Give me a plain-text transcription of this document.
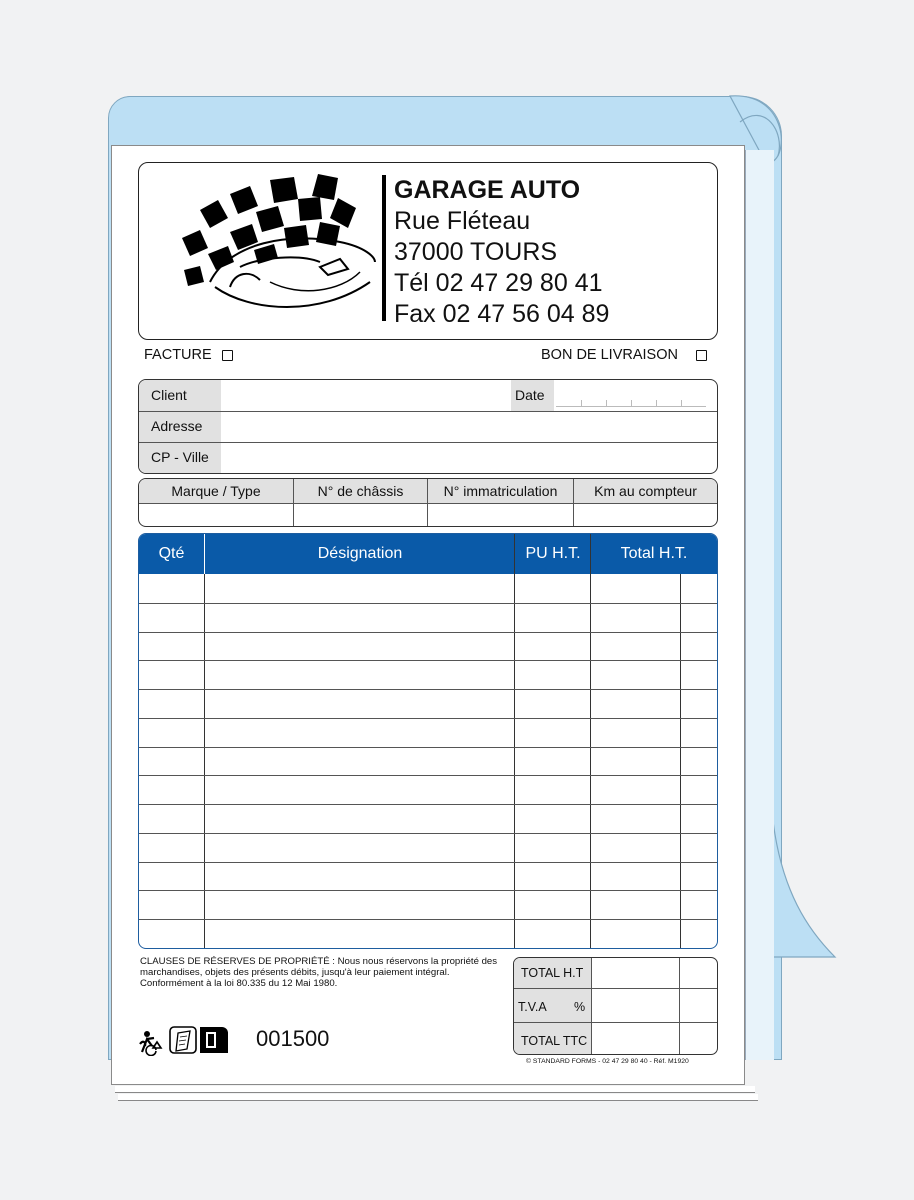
GARAGE AUTO
Rue Fléteau
37000 TOURS
Tél 02 47 29 80 41
Fax 02 47 56 04 89
FACTURE	BON DE LIVRAISON
Client	Date
Adresse
CP - Ville
Marque / Type	N° de châssis	N° immatriculation	Km au compteur
Qté	Désignation	PU H.T.	Total H.T.
CLAUSES DE RÉSERVES DE PROPRIÉTÉ : Nous nous réservons la propriété des marchandises, objets des présents débits, jusqu'à leur paiement intégral. Conformément à la loi 80.335 du 12 Mai 1980.
TOTAL H.T
T.V.A %
TOTAL TTC
001500
© STANDARD FORMS - 02 47 29 80 40 - Réf. M1920
